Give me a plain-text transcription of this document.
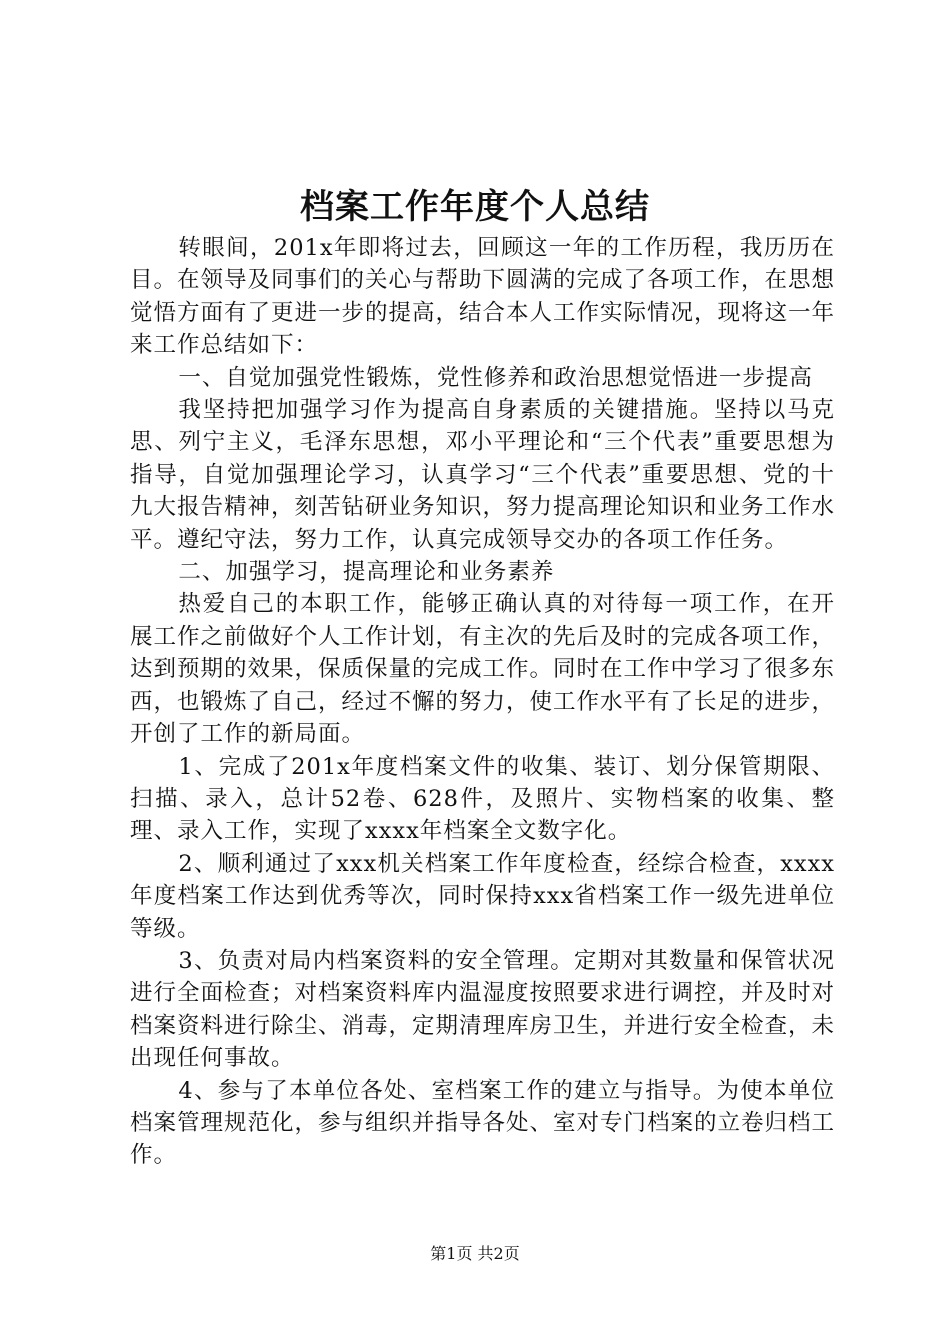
档案工作年度个人总结

转眼间，201x年即将过去，回顾这一年的工作历程，我历历在目。在领导及同事们的关心与帮助下圆满的完成了各项工作，在思想觉悟方面有了更进一步的提高，结合本人工作实际情况，现将这一年来工作总结如下：

一、自觉加强党性锻炼，党性修养和政治思想觉悟进一步提高

我坚持把加强学习作为提高自身素质的关键措施。坚持以马克思、列宁主义，毛泽东思想，邓小平理论和“三个代表”重要思想为指导，自觉加强理论学习，认真学习“三个代表”重要思想、党的十九大报告精神，刻苦钻研业务知识，努力提高理论知识和业务工作水平。遵纪守法，努力工作，认真完成领导交办的各项工作任务。

二、加强学习，提高理论和业务素养

热爱自己的本职工作，能够正确认真的对待每一项工作，在开展工作之前做好个人工作计划，有主次的先后及时的完成各项工作，达到预期的效果，保质保量的完成工作。同时在工作中学习了很多东西，也锻炼了自己，经过不懈的努力，使工作水平有了长足的进步，开创了工作的新局面。

1、完成了201x年度档案文件的收集、装订、划分保管期限、扫描、录入，总计52卷、628件，及照片、实物档案的收集、整理、录入工作，实现了xxxx年档案全文数字化。

2、顺利通过了xxx机关档案工作年度检查，经综合检查，xxxx年度档案工作达到优秀等次，同时保持xxx省档案工作一级先进单位等级。

3、负责对局内档案资料的安全管理。定期对其数量和保管状况进行全面检查；对档案资料库内温湿度按照要求进行调控，并及时对档案资料进行除尘、消毒，定期清理库房卫生，并进行安全检查，未出现任何事故。

4、参与了本单位各处、室档案工作的建立与指导。为使本单位档案管理规范化，参与组织并指导各处、室对专门档案的立卷归档工作。

第1页 共2页
